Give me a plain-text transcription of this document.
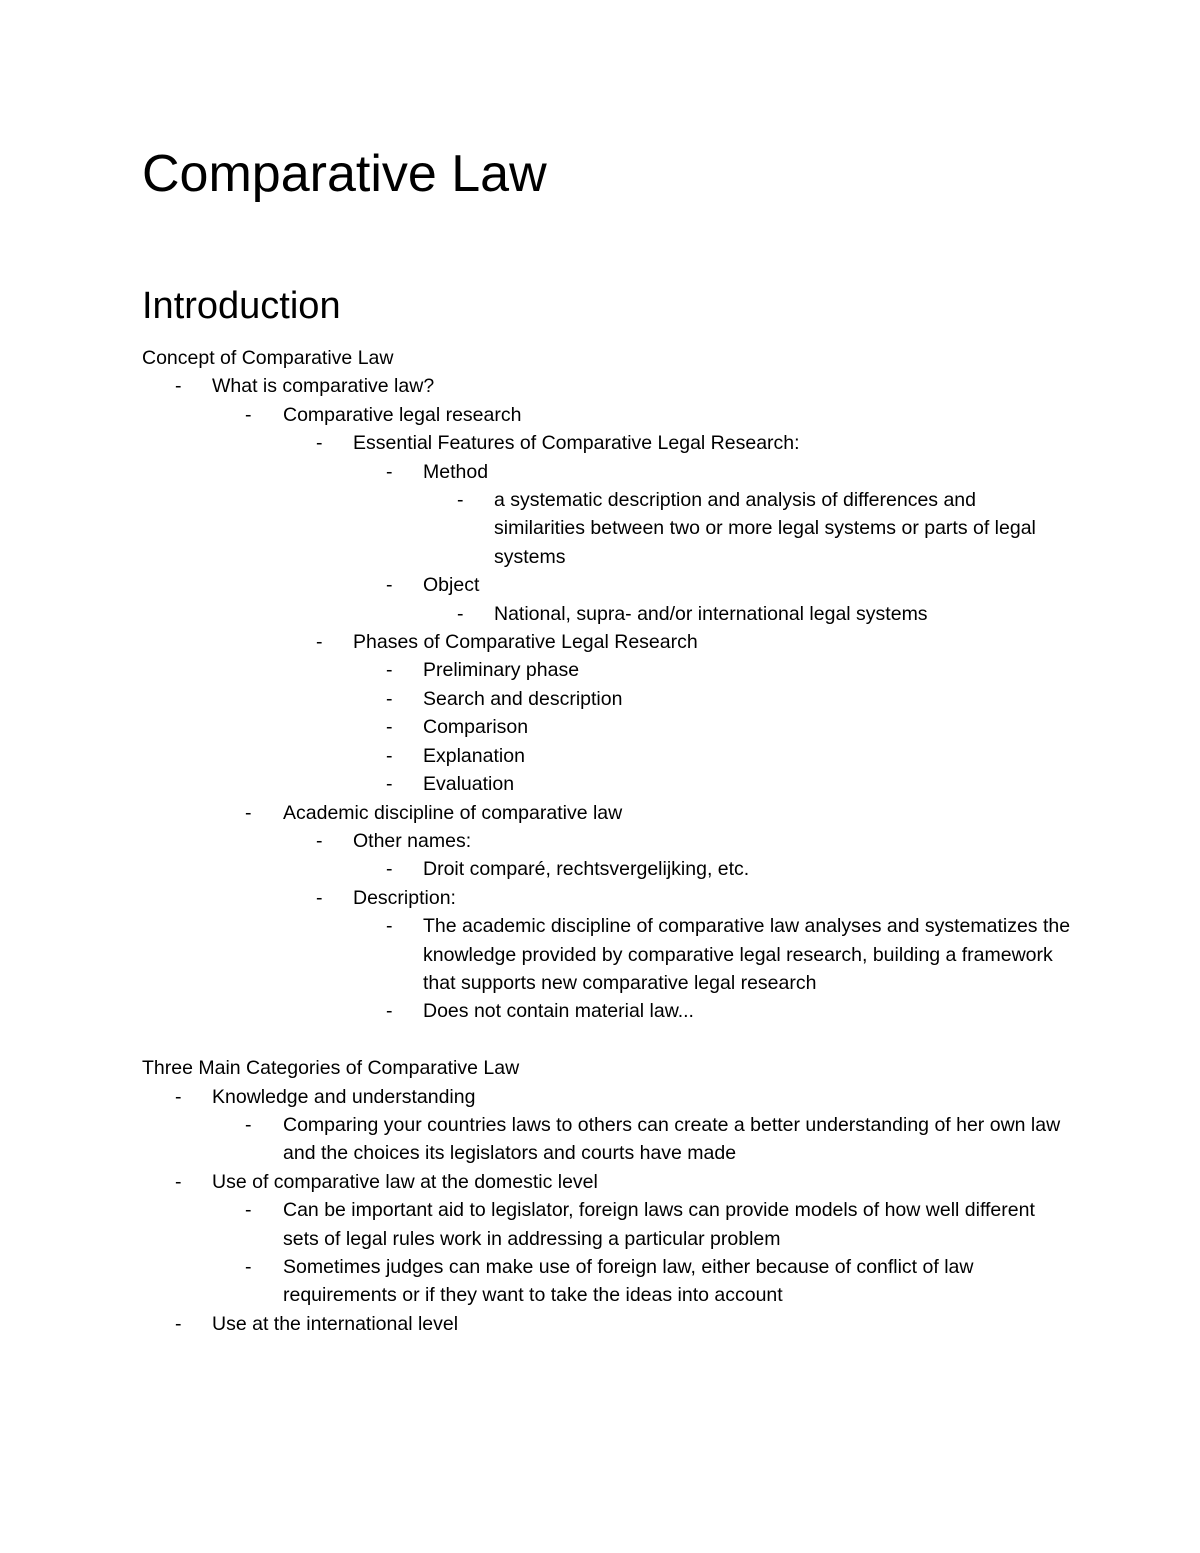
Comparative Law
Introduction

Concept of Comparative Law

- What is comparative law?
- Comparative legal research
- Essential Features of Comparative Legal Research:
- Method
- a systematic description and analysis of differences and similarities between two or more legal systems or parts of legal systems
- Object
- National, supra- and/or international legal systems
- Phases of Comparative Legal Research
- Preliminary phase
- Search and description
- Comparison
- Explanation
- Evaluation
- Academic discipline of comparative law
- Other names:
- Droit comparé, rechtsvergelijking, etc.
- Description:
- The academic discipline of comparative law analyses and systematizes the knowledge provided by comparative legal research, building a framework that supports new comparative legal research
- Does not contain material law...

Three Main Categories of Comparative Law

- Knowledge and understanding
- Comparing your countries laws to others can create a better understanding of her own law and the choices its legislators and courts have made
- Use of comparative law at the domestic level
- Can be important aid to legislator, foreign laws can provide models of how well different sets of legal rules work in addressing a particular problem
- Sometimes judges can make use of foreign law, either because of conflict of law requirements or if they want to take the ideas into account
- Use at the international level
